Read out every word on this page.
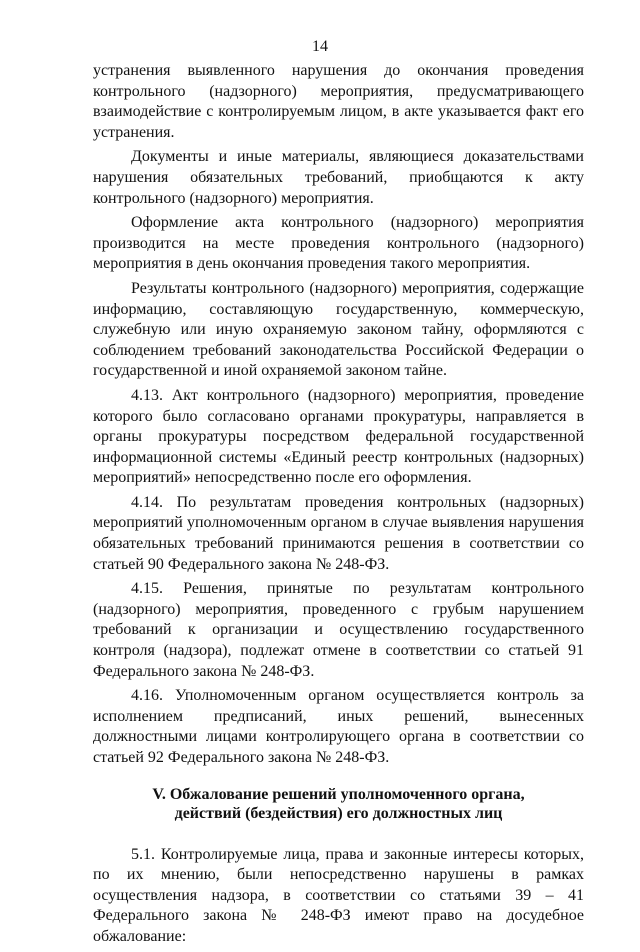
14

устранения выявленного нарушения до окончания проведения контрольного (надзорного) мероприятия, предусматривающего взаимодействие с контролируемым лицом, в акте указывается факт его устранения.

Документы и иные материалы, являющиеся доказательствами нарушения обязательных требований, приобщаются к акту контрольного (надзорного) мероприятия.

Оформление акта контрольного (надзорного) мероприятия производится на месте проведения контрольного (надзорного) мероприятия в день окончания проведения такого мероприятия.

Результаты контрольного (надзорного) мероприятия, содержащие информацию, составляющую государственную, коммерческую, служебную или иную охраняемую законом тайну, оформляются с соблюдением требований законодательства Российской Федерации о государственной и иной охраняемой законом тайне.

4.13. Акт контрольного (надзорного) мероприятия, проведение которого было согласовано органами прокуратуры, направляется в органы прокуратуры посредством федеральной государственной информационной системы «Единый реестр контрольных (надзорных) мероприятий» непосредственно после его оформления.

4.14. По результатам проведения контрольных (надзорных) мероприятий уполномоченным органом в случае выявления нарушения обязательных требований принимаются решения в соответствии со статьей 90 Федерального закона № 248-ФЗ.

4.15. Решения, принятые по результатам контрольного (надзорного) мероприятия, проведенного с грубым нарушением требований к организации и осуществлению государственного контроля (надзора), подлежат отмене в соответствии со статьей 91 Федерального закона № 248-ФЗ.

4.16. Уполномоченным органом осуществляется контроль за исполнением предписаний, иных решений, вынесенных должностными лицами контролирующего органа в соответствии со статьей 92 Федерального закона № 248-ФЗ.

V. Обжалование решений уполномоченного органа,
действий (бездействия) его должностных лиц

5.1. Контролируемые лица, права и законные интересы которых, по их мнению, были непосредственно нарушены в рамках осуществления надзора, в соответствии со статьями 39 – 41 Федерального закона № 248-ФЗ имеют право на досудебное обжалование:
